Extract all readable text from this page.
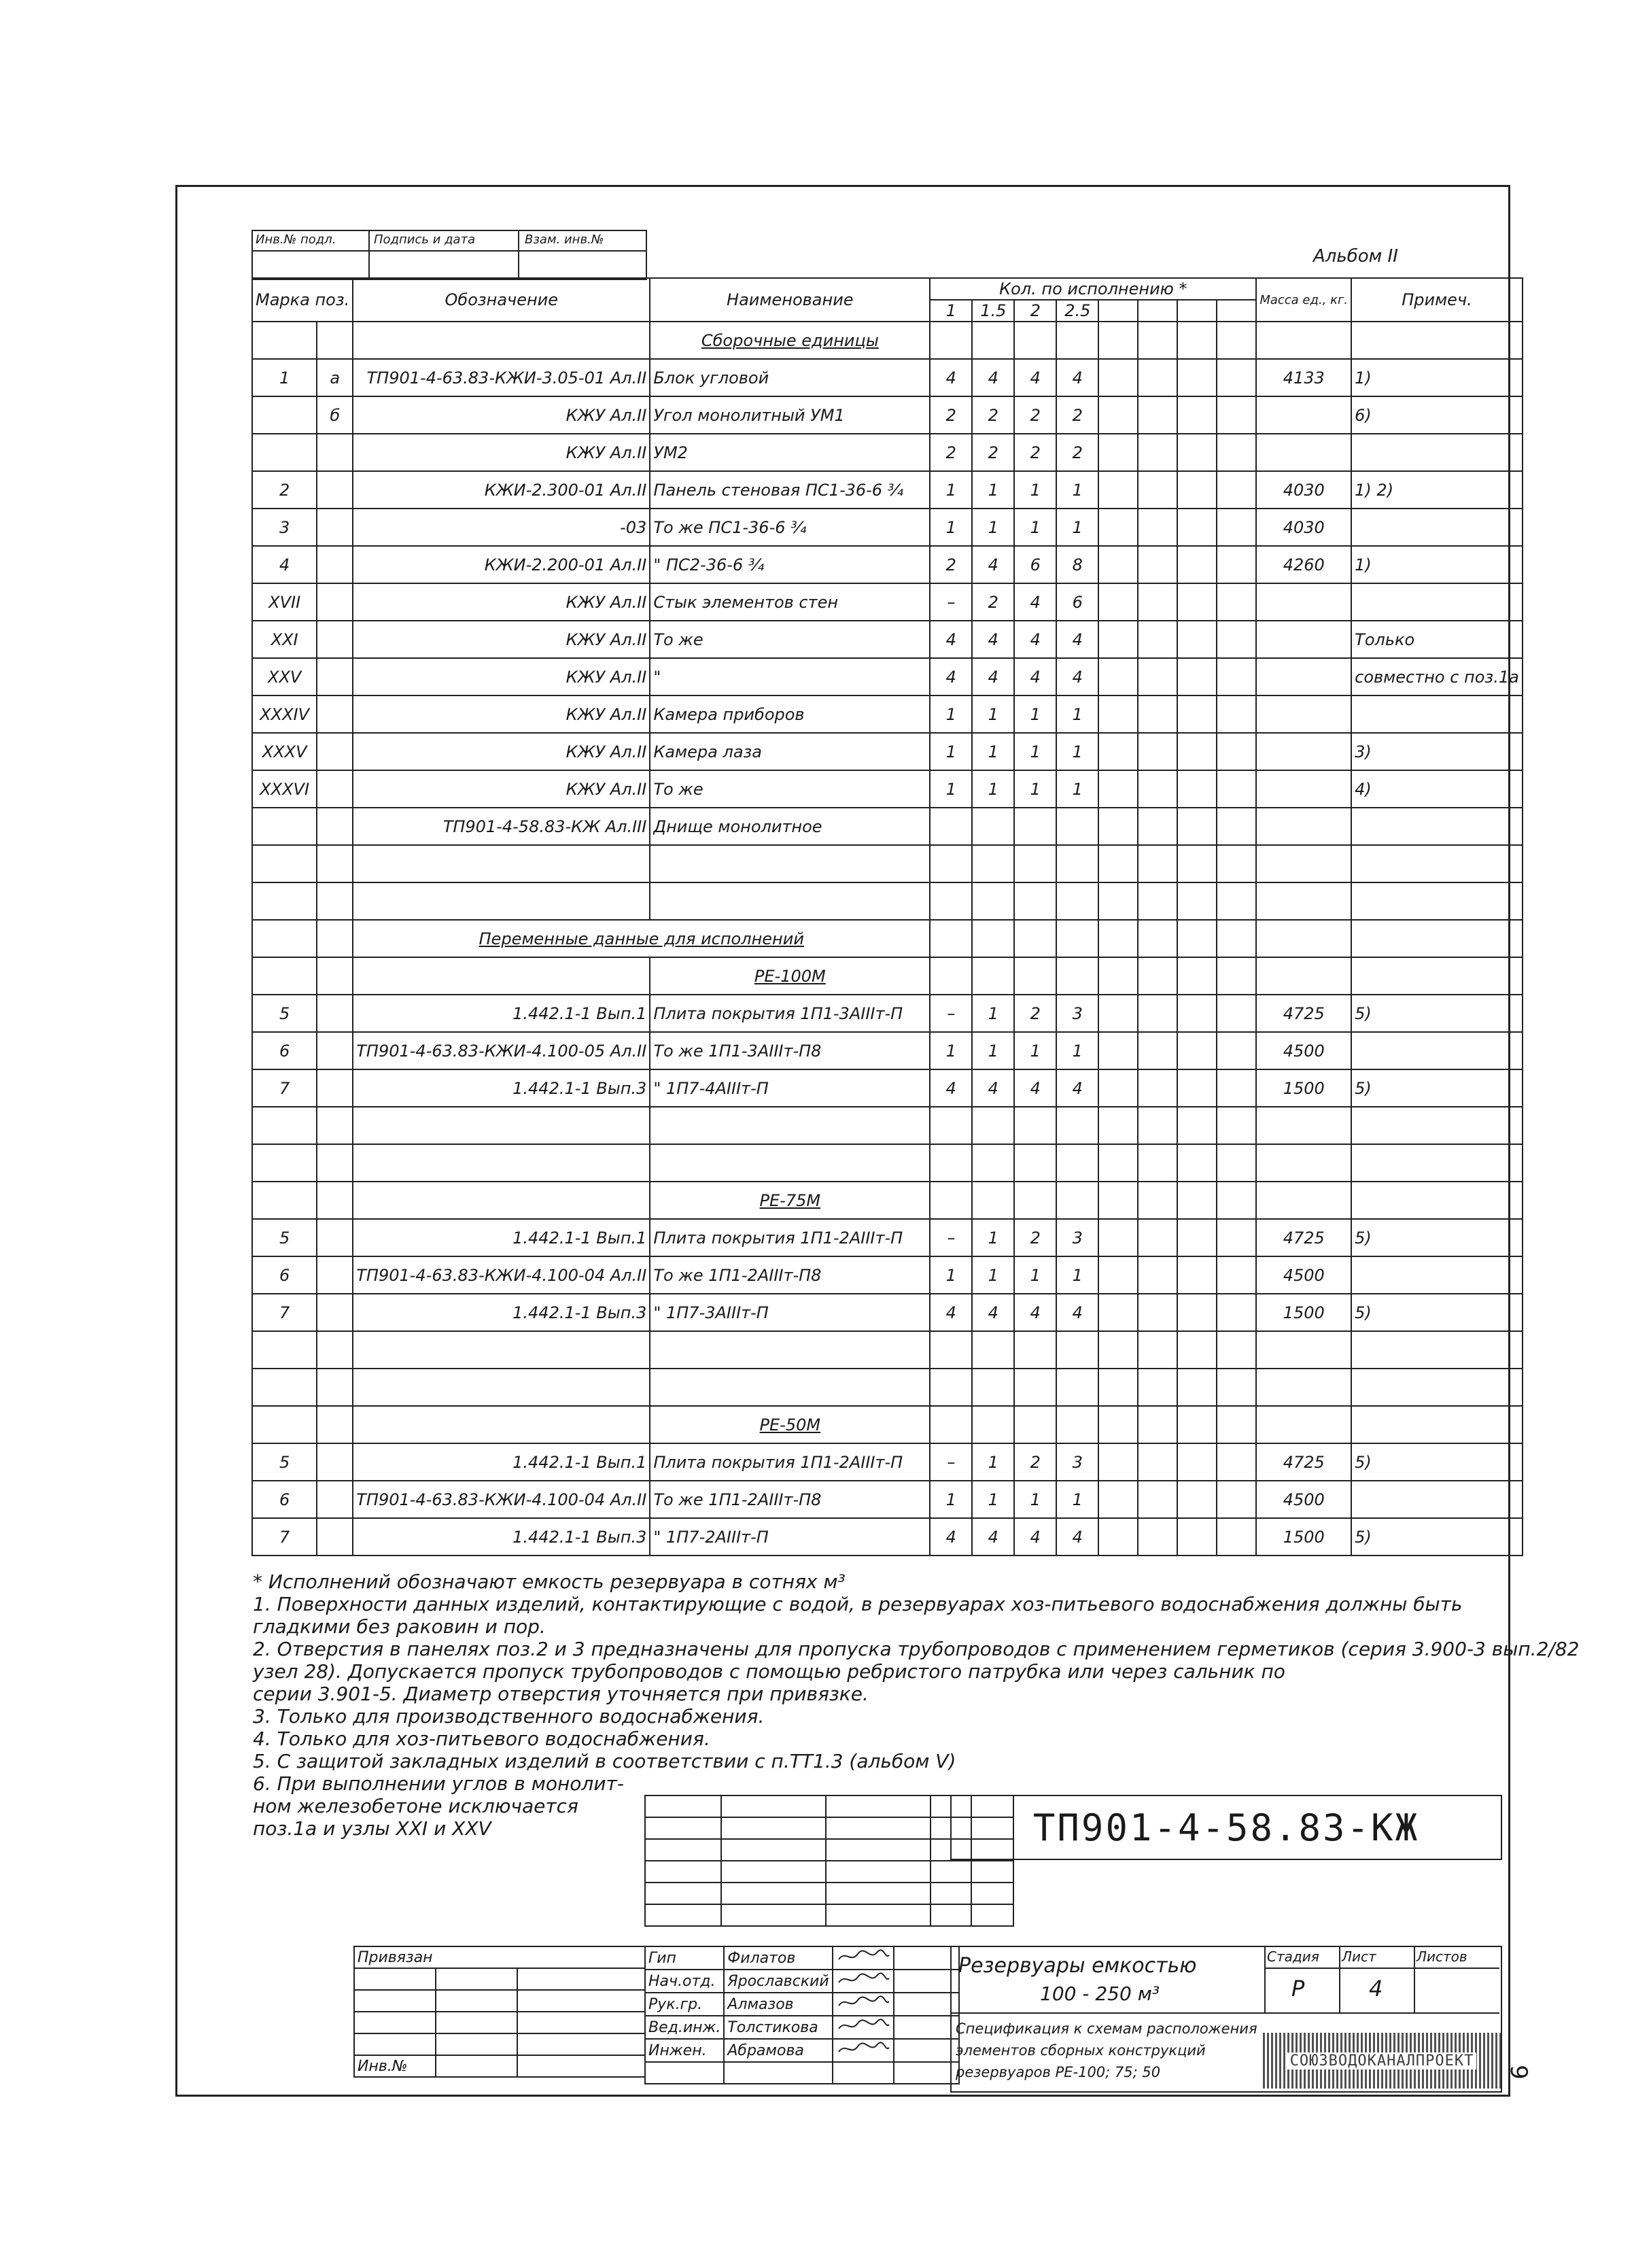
Альбом II
Инв.№ подл.	Подпись и дата	Взам. инв.№
Марка поз.		Обозначение	Наименование	Кол. по исполнению *								Масса ед., кг.	Примеч.
				1	1.5	2	2.5						
			Сборочные единицы										
1	а	ТП901-4-63.83-КЖИ-3.05-01 Ал.II	Блок угловой	4	4	4	4					4133	1)
	б	КЖУ Ал.II	Угол монолитный УМ1	2	2	2	2						6)
		КЖУ Ал.II	УМ2	2	2	2	2						
2		КЖИ-2.300-01 Ал.II	Панель стеновая ПС1-36-6 ¾	1	1	1	1					4030	1) 2)
3		-03	То же ПС1-36-6 ¾	1	1	1	1					4030	
4		КЖИ-2.200-01 Ал.II	" ПС2-36-6 ¾	2	4	6	8					4260	1)
XVII		КЖУ Ал.II	Стык элементов стен	–	2	4	6						
XXI		КЖУ Ал.II	То же	4	4	4	4						Только
XXV		КЖУ Ал.II	"	4	4	4	4						совместно с поз.1а
XXXIV		КЖУ Ал.II	Камера приборов	1	1	1	1						
XXXV		КЖУ Ал.II	Камера лаза	1	1	1	1						3)
XXXVI		КЖУ Ал.II	То же	1	1	1	1						4)
		ТП901-4-58.83-КЖ Ал.III	Днище монолитное										

		Переменные данные для исполнений											
			РЕ-100М										
5		1.442.1-1 Вып.1	Плита покрытия 1П1-3АIIIт-П	–	1	2	3					4725	5)
6		ТП901-4-63.83-КЖИ-4.100-05 Ал.II	То же 1П1-3АIIIт-П8	1	1	1	1					4500	
7		1.442.1-1 Вып.3	" 1П7-4АIIIт-П	4	4	4	4					1500	5)

			РЕ-75М										
5		1.442.1-1 Вып.1	Плита покрытия 1П1-2АIIIт-П	–	1	2	3					4725	5)
6		ТП901-4-63.83-КЖИ-4.100-04 Ал.II	То же 1П1-2АIIIт-П8	1	1	1	1					4500	
7		1.442.1-1 Вып.3	" 1П7-3АIIIт-П	4	4	4	4					1500	5)

			РЕ-50М										
5		1.442.1-1 Вып.1	Плита покрытия 1П1-2АIIIт-П	–	1	2	3					4725	5)
6		ТП901-4-63.83-КЖИ-4.100-04 Ал.II	То же 1П1-2АIIIт-П8	1	1	1	1					4500	
7		1.442.1-1 Вып.3	" 1П7-2АIIIт-П	4	4	4	4					1500	5)
* Исполнений обозначают емкость резервуара в сотнях м³
1. Поверхности данных изделий, контактирующие с водой, в резервуарах хоз-питьевого водоснабжения должны быть
гладкими без раковин и пор.
2. Отверстия в панелях поз.2 и 3 предназначены для пропуска трубопроводов с применением герметиков (серия 3.900-3 вып.2/82
узел 28). Допускается пропуск трубопроводов с помощью ребристого патрубка или через сальник по
серии 3.901-5. Диаметр отверстия уточняется при привязке.
3. Только для производственного водоснабжения.
4. Только для хоз-питьевого водоснабжения.
5. С защитой закладных изделий в соответствии с п.ТТ1.3 (альбом V)
6. При выполнении углов в монолит-
ном железобетоне исключается
поз.1а и узлы XXI и XXV	ТП901-4-58.83-КЖ

Привязан		

Инв.№		
Гип	Филатов		
Нач.отд.	Ярославский		
Рук.гр.	Алмазов		
Вед.инж.	Толстикова		
Инжен.	Абрамова		

Резервуары емкостью
100 - 250 м³
Стадия Лист	Листов
Р	4
Спецификация к схемам расположения
элементов сборных конструкций
резервуаров РЕ-100; 75; 50
СОЮЗВОДОКАНАЛПРОЕКТ
9
